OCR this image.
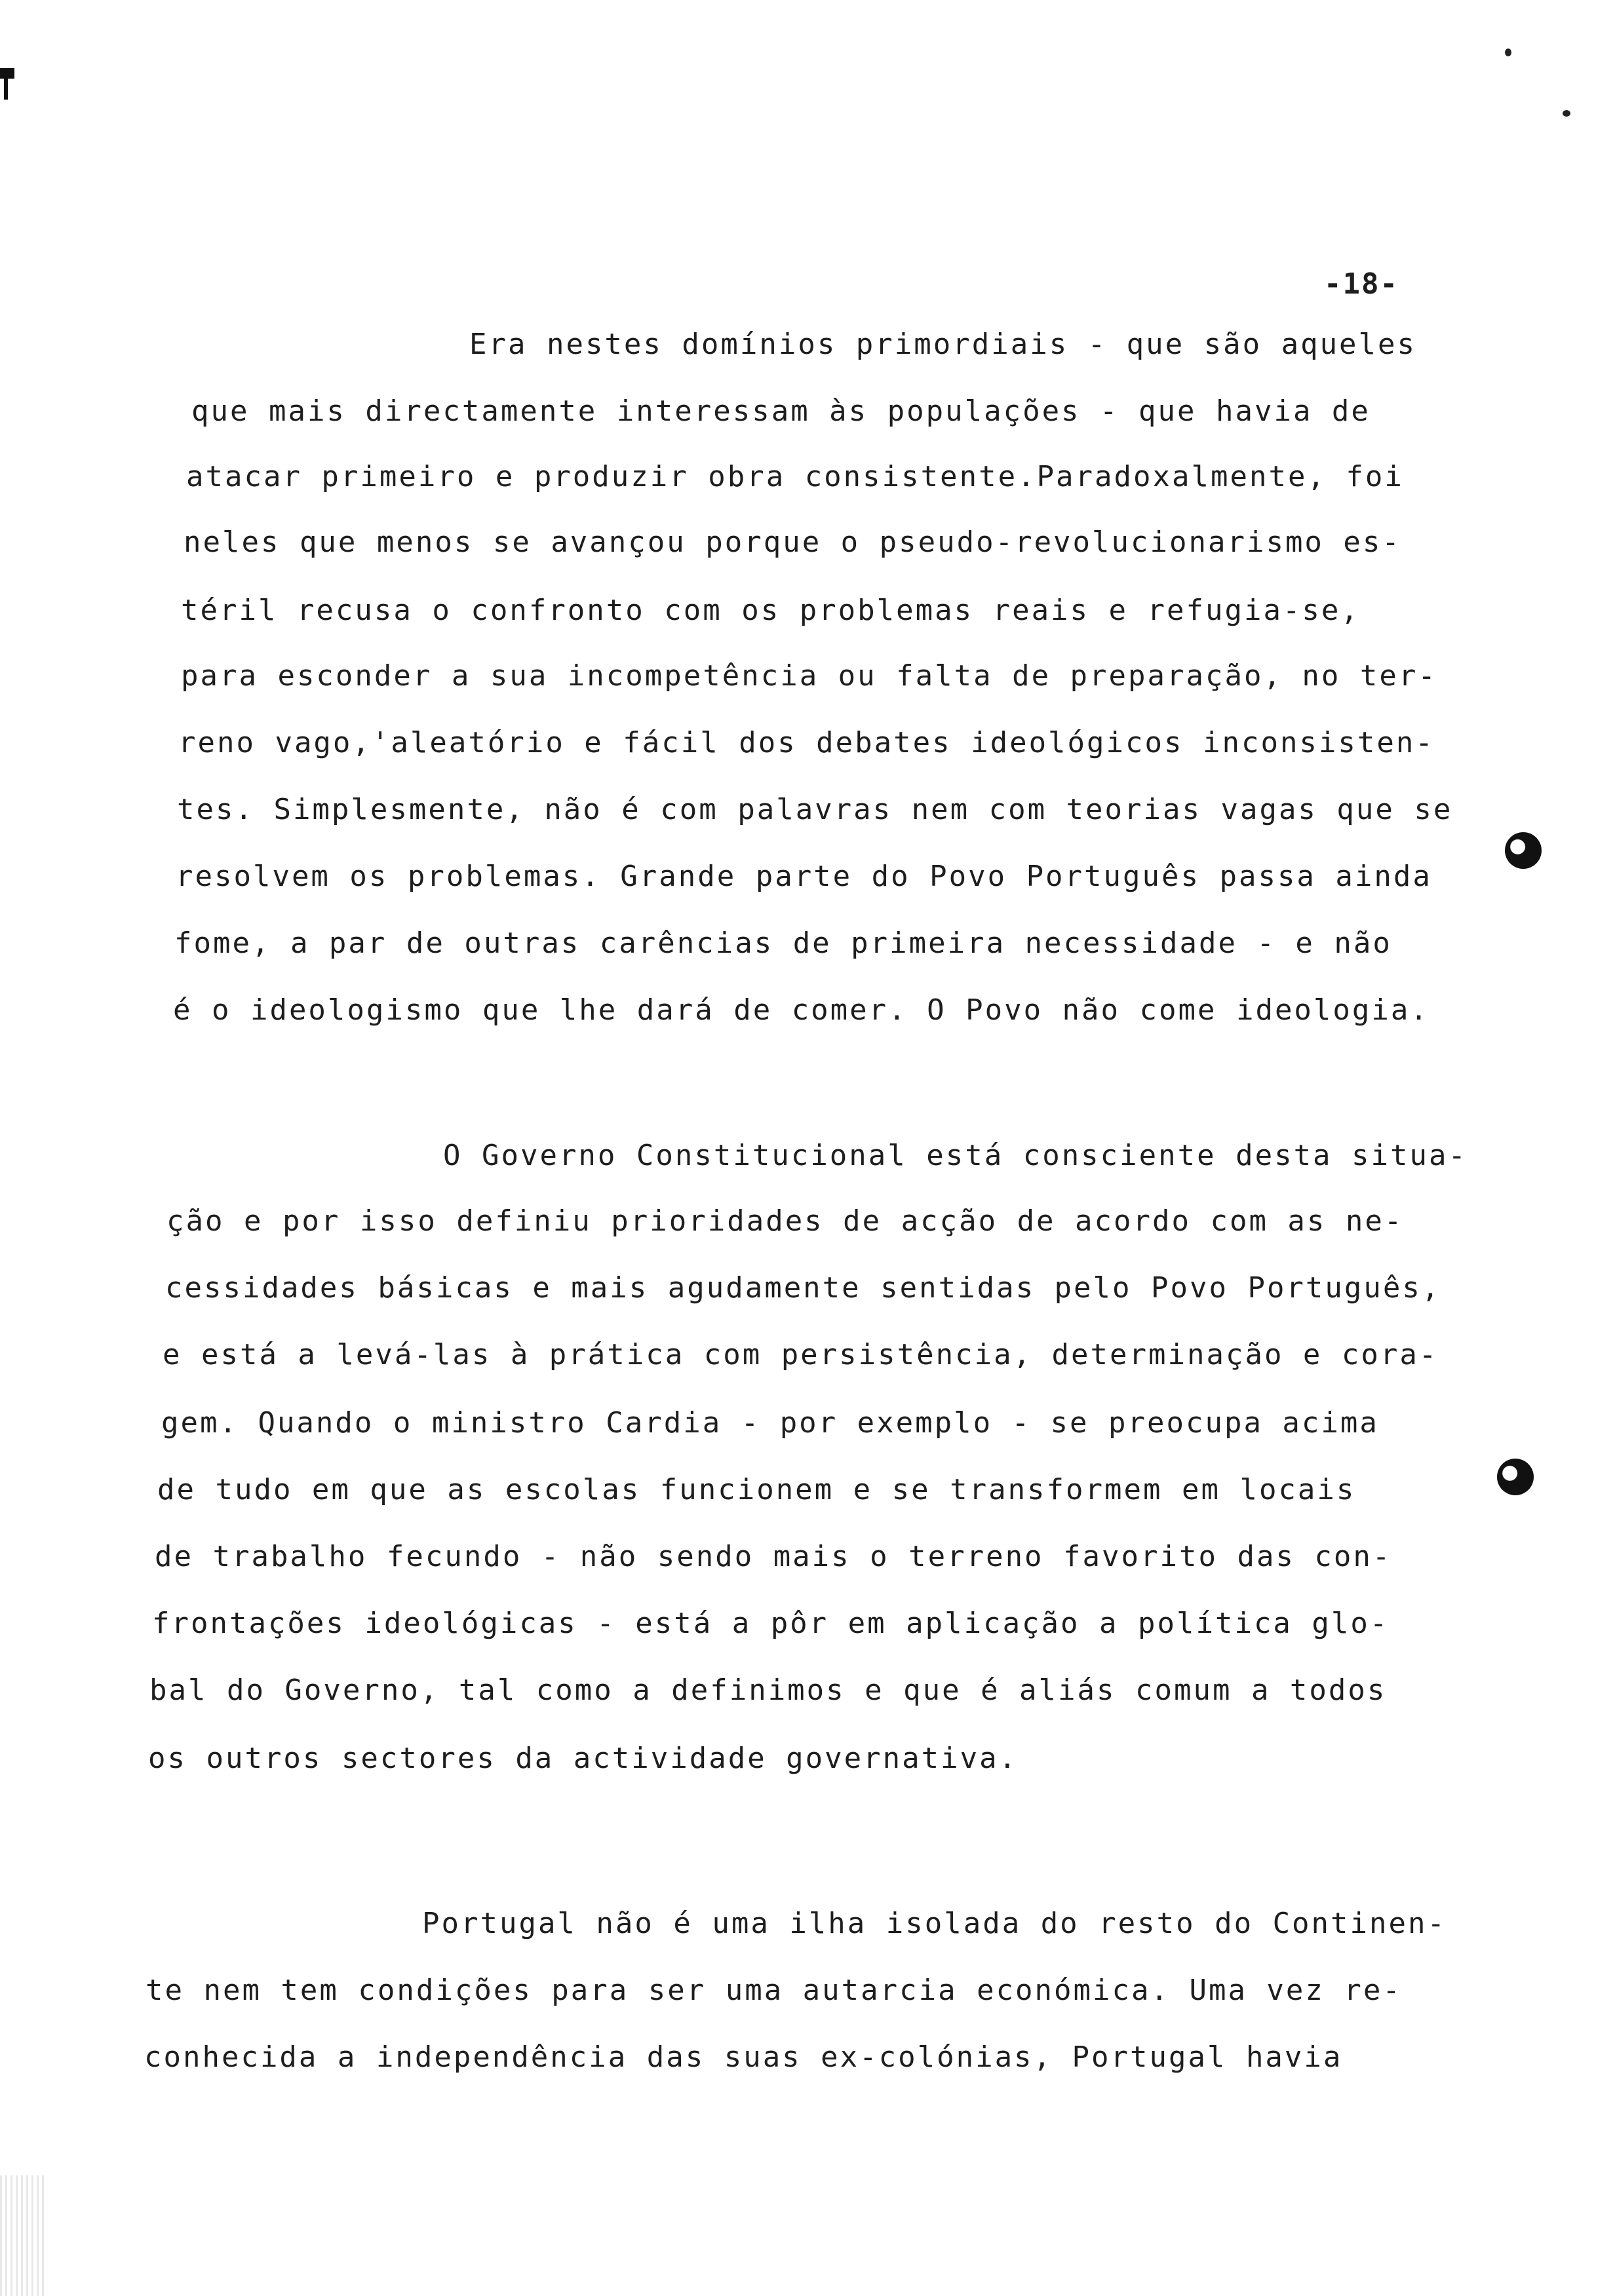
-18-
Era nestes domínios primordiais - que são aqueles
que mais directamente interessam às populações - que havia de
atacar primeiro e produzir obra consistente.Paradoxalmente, foi
neles que menos se avançou porque o pseudo-revolucionarismo es-
téril recusa o confronto com os problemas reais e refugia-se,
para esconder a sua incompetência ou falta de preparação, no ter-
reno vago,'aleatório e fácil dos debates ideológicos inconsisten-
tes. Simplesmente, não é com palavras nem com teorias vagas que se
resolvem os problemas. Grande parte do Povo Português passa ainda
fome, a par de outras carências de primeira necessidade - e não
é o ideologismo que lhe dará de comer. O Povo não come ideologia.
O Governo Constitucional está consciente desta situa-
ção e por isso definiu prioridades de acção de acordo com as ne-
cessidades básicas e mais agudamente sentidas pelo Povo Português,
e está a levá-las à prática com persistência, determinação e cora-
gem. Quando o ministro Cardia - por exemplo - se preocupa acima
de tudo em que as escolas funcionem e se transformem em locais
de trabalho fecundo - não sendo mais o terreno favorito das con-
frontações ideológicas - está a pôr em aplicação a política glo-
bal do Governo, tal como a definimos e que é aliás comum a todos
os outros sectores da actividade governativa.
Portugal não é uma ilha isolada do resto do Continen-
te nem tem condições para ser uma autarcia económica. Uma vez re-
conhecida a independência das suas ex-colónias, Portugal havia
